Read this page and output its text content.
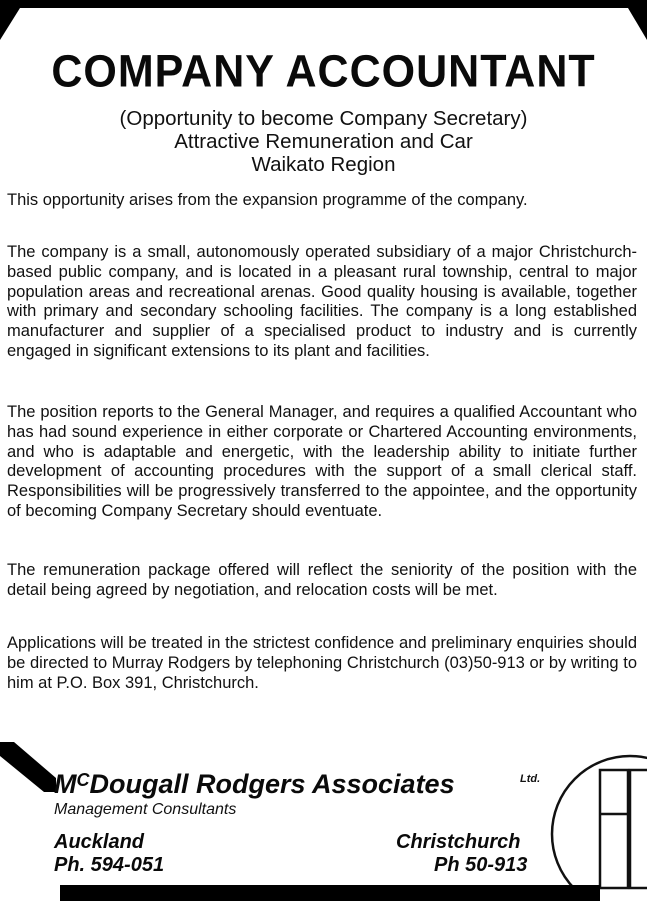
COMPANY ACCOUNTANT
(Opportunity to become Company Secretary)
Attractive Remuneration and Car
Waikato Region

This opportunity arises from the expansion programme of the company.

The company is a small, autonomously operated subsidiary of a major Christchurch-based public company, and is located in a pleasant rural township, central to major population areas and recreational arenas. Good quality housing is available, together with primary and secondary schooling facilities. The company is a long established manufacturer and supplier of a specialised product to industry and is currently engaged in significant extensions to its plant and facilities.

The position reports to the General Manager, and requires a qualified Accountant who has had sound experience in either corporate or Chartered Accounting environments, and who is adaptable and energetic, with the leadership ability to initiate further development of accounting procedures with the support of a small clerical staff. Responsibilities will be progressively transferred to the appointee, and the opportunity of becoming Company Secretary should eventuate.

The remuneration package offered will reflect the seniority of the position with the detail being agreed by negotiation, and relocation costs will be met.

Applications will be treated in the strictest confidence and preliminary enquiries should be directed to Murray Rodgers by telephoning Christchurch (03)50-913 or by writing to him at P.O. Box 391, Christchurch.

$M^CDougall$ Rodgers Associates	Ltd.
Management Consultants
Auckland
Ph. 594-051
Christchurch
Ph 50-913
